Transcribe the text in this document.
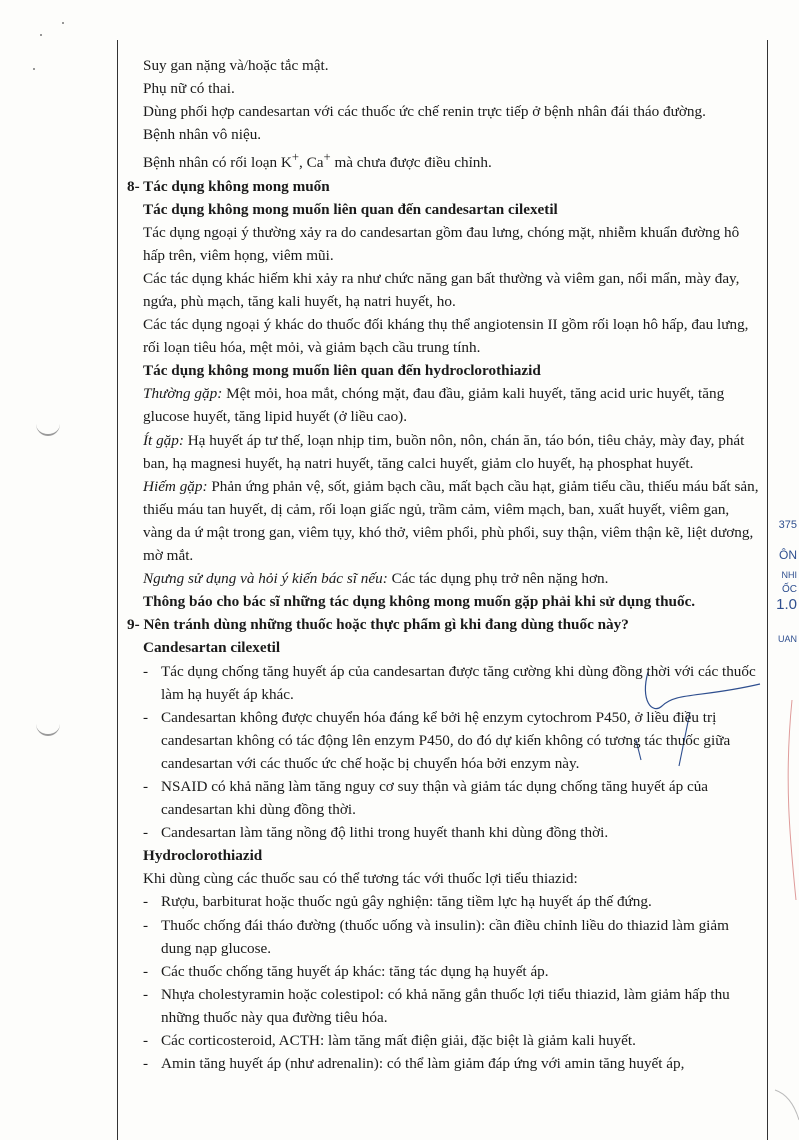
375
ÔN
NHI
ỐC
1.0
UAN

Suy gan nặng và/hoặc tắc mật.

Phụ nữ có thai.

Dùng phối hợp candesartan với các thuốc ức chế renin trực tiếp ở bệnh nhân đái tháo đường.

Bệnh nhân vô niệu.

Bệnh nhân có rối loạn K+, Ca+ mà chưa được điều chỉnh.

8- Tác dụng không mong muốn

Tác dụng không mong muốn liên quan đến candesartan cilexetil

Tác dụng ngoại ý thường xảy ra do candesartan gồm đau lưng, chóng mặt, nhiễm khuẩn đường hô hấp trên, viêm họng, viêm mũi.

Các tác dụng khác hiếm khi xảy ra như chức năng gan bất thường và viêm gan, nổi mẩn, mày đay, ngứa, phù mạch, tăng kali huyết, hạ natri huyết, ho.

Các tác dụng ngoại ý khác do thuốc đối kháng thụ thể angiotensin II gồm rối loạn hô hấp, đau lưng, rối loạn tiêu hóa, mệt mỏi, và giảm bạch cầu trung tính.

Tác dụng không mong muốn liên quan đến hydroclorothiazid

Thường gặp: Mệt mỏi, hoa mắt, chóng mặt, đau đầu, giảm kali huyết, tăng acid uric huyết, tăng glucose huyết, tăng lipid huyết (ở liều cao).

Ít gặp: Hạ huyết áp tư thế, loạn nhịp tim, buồn nôn, nôn, chán ăn, táo bón, tiêu chảy, mày đay, phát ban, hạ magnesi huyết, hạ natri huyết, tăng calci huyết, giảm clo huyết, hạ phosphat huyết.

Hiếm gặp: Phản ứng phản vệ, sốt, giảm bạch cầu, mất bạch cầu hạt, giảm tiểu cầu, thiếu máu bất sản, thiếu máu tan huyết, dị cảm, rối loạn giấc ngủ, trầm cảm, viêm mạch, ban, xuất huyết, viêm gan, vàng da ứ mật trong gan, viêm tụy, khó thở, viêm phổi, phù phổi, suy thận, viêm thận kẽ, liệt dương, mờ mắt.

Ngưng sử dụng và hỏi ý kiến bác sĩ nếu: Các tác dụng phụ trở nên nặng hơn.

Thông báo cho bác sĩ những tác dụng không mong muốn gặp phải khi sử dụng thuốc.

9- Nên tránh dùng những thuốc hoặc thực phẩm gì khi đang dùng thuốc này?

Candesartan cilexetil

- Tác dụng chống tăng huyết áp của candesartan được tăng cường khi dùng đồng thời với các thuốc làm hạ huyết áp khác.
- Candesartan không được chuyển hóa đáng kể bởi hệ enzym cytochrom P450, ở liều điều trị candesartan không có tác động lên enzym P450, do đó dự kiến không có tương tác thuốc giữa candesartan với các thuốc ức chế hoặc bị chuyển hóa bởi enzym này.
- NSAID có khả năng làm tăng nguy cơ suy thận và giảm tác dụng chống tăng huyết áp của candesartan khi dùng đồng thời.
- Candesartan làm tăng nồng độ lithi trong huyết thanh khi dùng đồng thời.

Hydroclorothiazid

Khi dùng cùng các thuốc sau có thể tương tác với thuốc lợi tiểu thiazid:

- Rượu, barbiturat hoặc thuốc ngủ gây nghiện: tăng tiềm lực hạ huyết áp thế đứng.
- Thuốc chống đái tháo đường (thuốc uống và insulin): cần điều chỉnh liều do thiazid làm giảm dung nạp glucose.
- Các thuốc chống tăng huyết áp khác: tăng tác dụng hạ huyết áp.
- Nhựa cholestyramin hoặc colestipol: có khả năng gắn thuốc lợi tiểu thiazid, làm giảm hấp thu những thuốc này qua đường tiêu hóa.
- Các corticosteroid, ACTH: làm tăng mất điện giải, đặc biệt là giảm kali huyết.
- Amin tăng huyết áp (như adrenalin): có thể làm giảm đáp ứng với amin tăng huyết áp,
